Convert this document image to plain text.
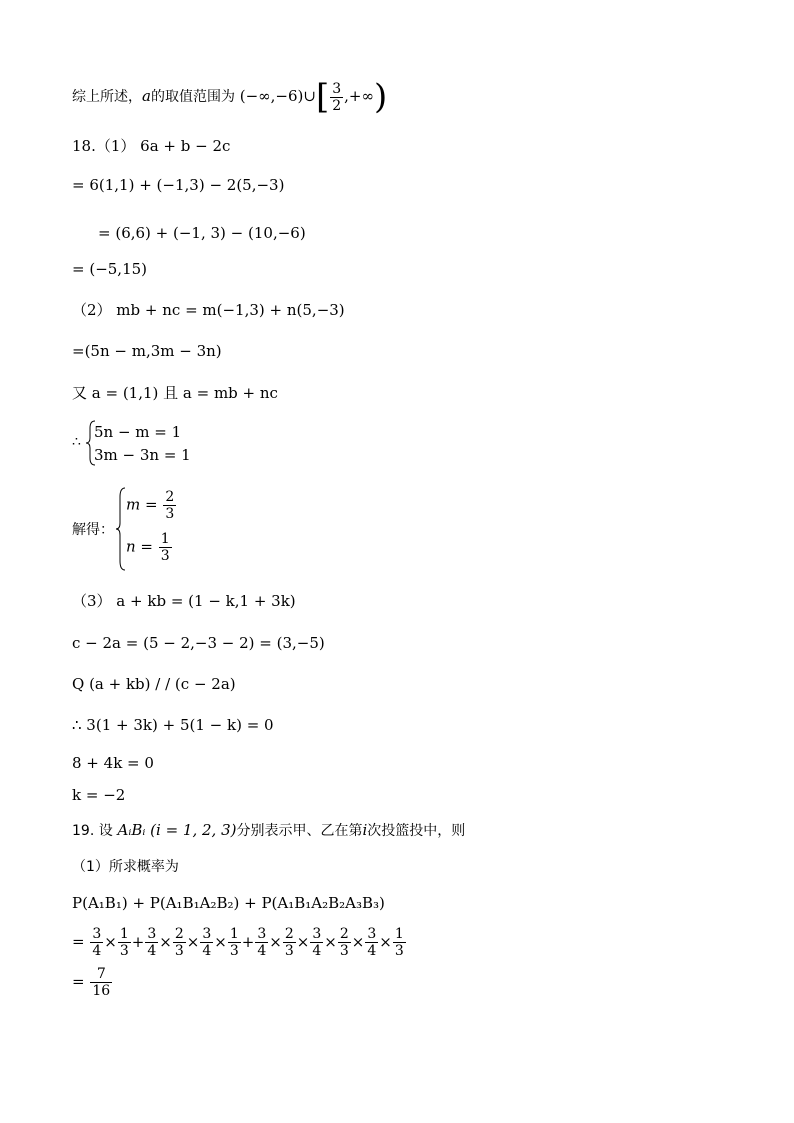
综上所述，a的取值范围为 (−∞,−6)∪[ $\frac{3}{2}$ ,+∞)
18.（1） 6a + b − 2c
= 6(1,1) + (−1,3) − 2(5,−3)
= (6,6) + (−1, 3) − (10,−6)
= (−5,15)
（2） mb + nc = m(−1,3) + n(5,−3)
=(5n − m,3m − 3n)
又 a = (1,1) 且 a = mb + nc
∴
5n − m = 1
3m − 3n = 1
解得：
$m = \frac{2}{3}$
$n = \frac{1}{3}$
（3） a + kb = (1 − k,1 + 3k)
c − 2a = (5 − 2,−3 − 2) = (3,−5)
Q (a + kb) / / (c − 2a)
∴ 3(1 + 3k) + 5(1 − k) = 0
8 + 4k = 0
k = −2
19. 设 AᵢBᵢ (i = 1, 2, 3)分别表示甲、乙在第i次投篮投中，则
（1）所求概率为
P(A₁B₁) + P(A₁B₁A₂B₂) + P(A₁B₁A₂B₂A₃B₃)
= $\frac{3}{4} \times \frac{1}{3} + \frac{3}{4} \times \frac{2}{3} \times \frac{3}{4} \times \frac{1}{3} + \frac{3}{4} \times \frac{2}{3} \times \frac{3}{4} \times \frac{2}{3} \times \frac{3}{4} \times \frac{1}{3}$
= $\frac{7}{16}$
